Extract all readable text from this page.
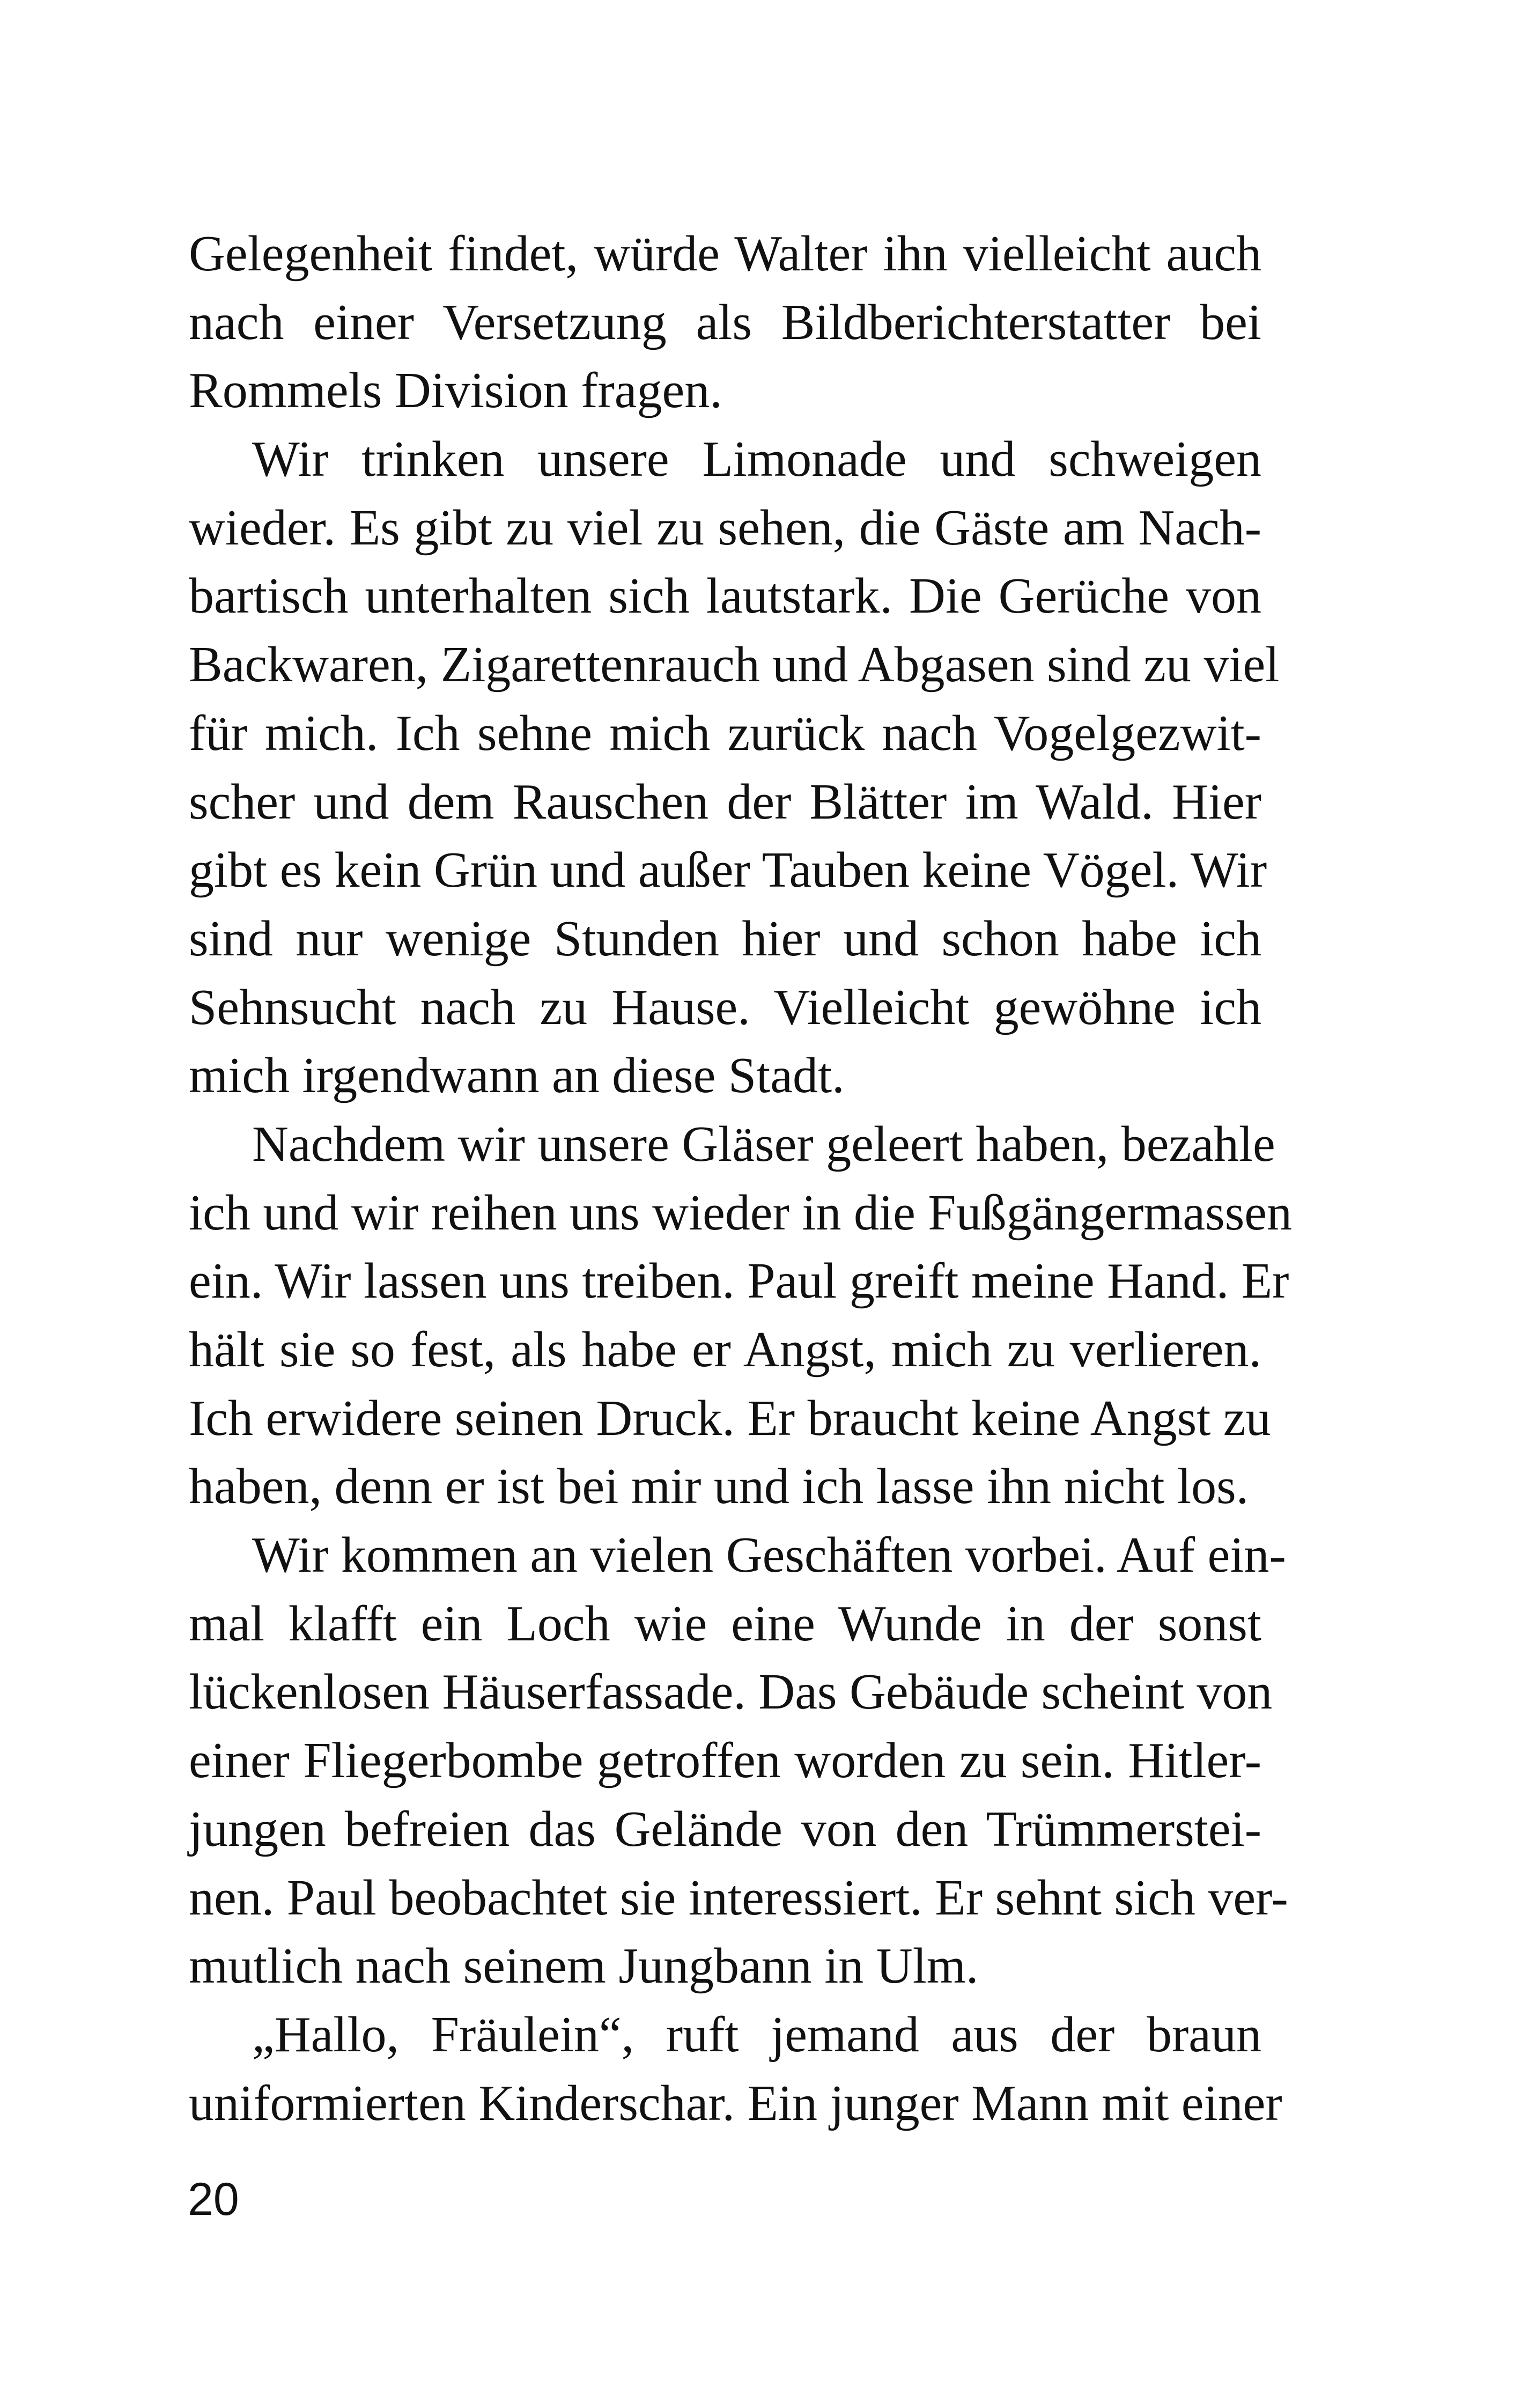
Gelegenheit findet, würde Walter ihn vielleicht auch
nach einer Versetzung als Bildberichterstatter bei
Rommels Division fragen.
Wir trinken unsere Limonade und schweigen
wieder. Es gibt zu viel zu sehen, die Gäste am Nach-
bartisch unterhalten sich lautstark. Die Gerüche von
Backwaren, Zigarettenrauch und Abgasen sind zu viel
für mich. Ich sehne mich zurück nach Vogelgezwit-
scher und dem Rauschen der Blätter im Wald. Hier
gibt es kein Grün und außer Tauben keine Vögel. Wir
sind nur wenige Stunden hier und schon habe ich
Sehnsucht nach zu Hause. Vielleicht gewöhne ich
mich irgendwann an diese Stadt.
Nachdem wir unsere Gläser geleert haben, bezahle
ich und wir reihen uns wieder in die Fußgängermassen
ein. Wir lassen uns treiben. Paul greift meine Hand. Er
hält sie so fest, als habe er Angst, mich zu verlieren.
Ich erwidere seinen Druck. Er braucht keine Angst zu
haben, denn er ist bei mir und ich lasse ihn nicht los.
Wir kommen an vielen Geschäften vorbei. Auf ein-
mal klafft ein Loch wie eine Wunde in der sonst
lückenlosen Häuserfassade. Das Gebäude scheint von
einer Fliegerbombe getroffen worden zu sein. Hitler-
jungen befreien das Gelände von den Trümmerstei-
nen. Paul beobachtet sie interessiert. Er sehnt sich ver-
mutlich nach seinem Jungbann in Ulm.
„Hallo, Fräulein“, ruft jemand aus der braun
uniformierten Kinderschar. Ein junger Mann mit einer
20
